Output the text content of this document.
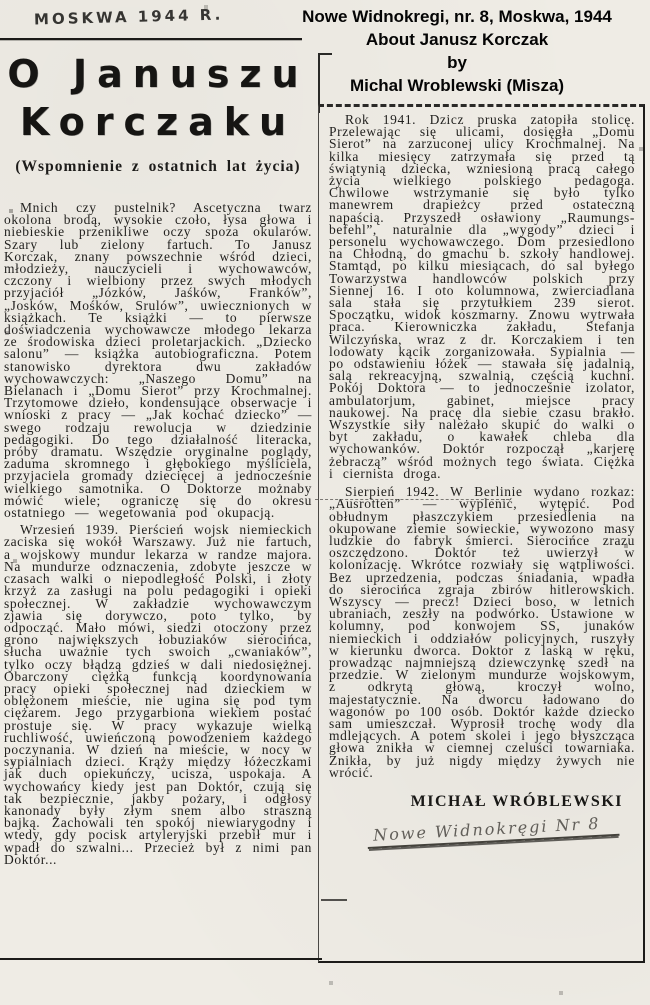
MOSKWA 1944 R.	Nowe Widnokregi, nr. 8, Moskwa, 1944
About Janusz Korczak
by
Michal Wroblewski (Misza)
O Januszu
Korczaku
(Wspomnienie z ostatnich lat życia)

Mnich czy pustelnik? Ascetyczna twarz okolona brodą, wysokie czoło, łysa głowa i niebieskie przenikliwe oczy spoza okularów. Szary lub zielony fartuch. To Janusz Korczak, znany powszechnie wśród dzieci, młodzieży, nauczycieli i wychowawców, czczony i wielbiony przez swych młodych przyjaciół „Józków, Jaśków, Franków”, „Josków, Mośków, Srulów”, uwiecznionych w książkach. Te książki — to pierwsze doświadczenia wychowawcze młodego lekarza ze środowiska dzieci proletarjackich. „Dziecko salonu” — książka autobiograficzna. Potem stanowisko dyrektora dwu zakładów wychowawczych: „Naszego Domu” na Bielanach i „Domu Sierot” przy Krochmalnej. Trzytomowe dzieło, kondensujące obserwacje i wnioski z pracy — „Jak kochać dziecko” — swego rodzaju rewolucja w dziedzinie pedagogiki. Do tego działalność literacka, próby dramatu. Wszędzie oryginalne poglądy, zaduma skromnego i głębokiego myśliciela, przyjaciela gromady dziecięcej a jednocześnie wielkiego samotnika. O Doktorze możnaby mówić wiele; ograniczę się do okresu ostatniego — wegetowania pod okupacją.

Wrzesień 1939. Pierścień wojsk niemieckich zaciska się wokół Warszawy. Już nie fartuch, a wojskowy mundur lekarza w randze majora. Na mundurze odznaczenia, zdobyte jeszcze w czasach walki o niepodległość Polski, i złoty krzyż za zasługi na polu pedagogiki i opieki społecznej. W zakładzie wychowawczym zjawia się dorywczo, poto tylko, by odpocząć. Mało mówi, siedzi otoczony przez grono największych łobuziaków sierocińca, słucha uważnie tych swoich „cwaniaków”, tylko oczy błądzą gdzieś w dali niedosiężnej. Obarczony ciężką funkcją koordynowania pracy opieki społecznej nad dzieckiem w oblężonem mieście, nie ugina się pod tym ciężarem. Jego przygarbiona wiekiem postać prostuje się. W pracy wykazuje wielką ruchliwość, uwieńczoną powodzeniem każdego poczynania. W dzień na mieście, w nocy w sypialniach dzieci. Krąży między łóżeczkami jak duch opiekuńczy, ucisza, uspokaja. A wychowańcy kiedy jest pan Doktór, czują się tak bezpiecznie, jakby pożary, i odgłosy kanonady były złym snem albo straszną bajką. Zachowali ten spokój niewiarygodny i wtedy, gdy pocisk artyleryjski przebił mur i wpadł do szwalni... Przecież był z nimi pan Doktór...

Rok 1941. Dzicz pruska zatopiła stolicę. Przelewając się ulicami, dosięgła „Domu Sierot” na zarzuconej ulicy Krochmalnej. Na kilka miesięcy zatrzymała się przed tą świątynią dziecka, wzniesioną pracą całego życia wielkiego polskiego pedagoga. Chwilowe wstrzymanie się było tylko manewrem drapieżcy przed ostateczną napaścią. Przyszedł osławiony „Raumungs-befehl”, naturalnie dla „wygody” dzieci i personelu wychowawczego. Dom przesiedlono na Chłodną, do gmachu b. szkoły handlowej. Stamtąd, po kilku miesiącach, do sal byłego Towarzystwa handlowców polskich przy Siennej 16. I oto kolumnowa, zwierciadlana sala stała się przytułkiem 239 sierot. Spoczątku, widok koszmarny. Znowu wytrwała praca. Kierowniczka zakładu, Stefanja Wilczyńska, wraz z dr. Korczakiem i ten lodowaty kącik zorganizowała. Sypialnia — po odstawieniu łóżek — stawała się jadalnią, salą rekreacyjną, szwalnią, częścią kuchni. Pokój Doktora — to jednocześnie izolator, ambulatorjum, gabinet, miejsce pracy naukowej. Na pracę dla siebie czasu brakło. Wszystkie siły należało skupić do walki o byt zakładu, o kawałek chleba dla wychowanków. Doktór rozpoczął „karjerę żebraczą” wśród możnych tego świata. Ciężka i ciernista droga.

Sierpień 1942. W Berlinie wydano rozkaz: „Ausrotten” — wyplenić, wytępić. Pod obłudnym płaszczykiem przesiedlenia na okupowane ziemie sowieckie, wywozono masy ludzkie do fabryk śmierci. Sierocińce zrazu oszczędzono. Doktór też uwierzył w kolonizację. Wkrótce rozwiały się wątpliwości. Bez uprzedzenia, podczas śniadania, wpadła do sierocińca zgraja zbirów hitlerowskich. Wszyscy — precz! Dzieci boso, w letnich ubraniach, zeszły na podwórko. Ustawione w kolumny, pod konwojem SS, junaków niemieckich i oddziałów policyjnych, ruszyły w kierunku dworca. Doktor z laską w ręku, prowadząc najmniejszą dziewczynkę szedł na przedzie. W zielonym mundurze wojskowym, z odkrytą głową, kroczył wolno, majestatycznie. Na dworcu ładowano do wagonów po 100 osób. Doktór każde dziecko sam umieszczał. Wyprosił trochę wody dla mdlejących. A potem skolei i jego błyszcząca głowa znikła w ciemnej czeluści towarniaka. Znikła, by już nigdy między żywych nie wrócić.

MICHAŁ WRÓBLEWSKI
Nowe Widnokręgi Nr 8
